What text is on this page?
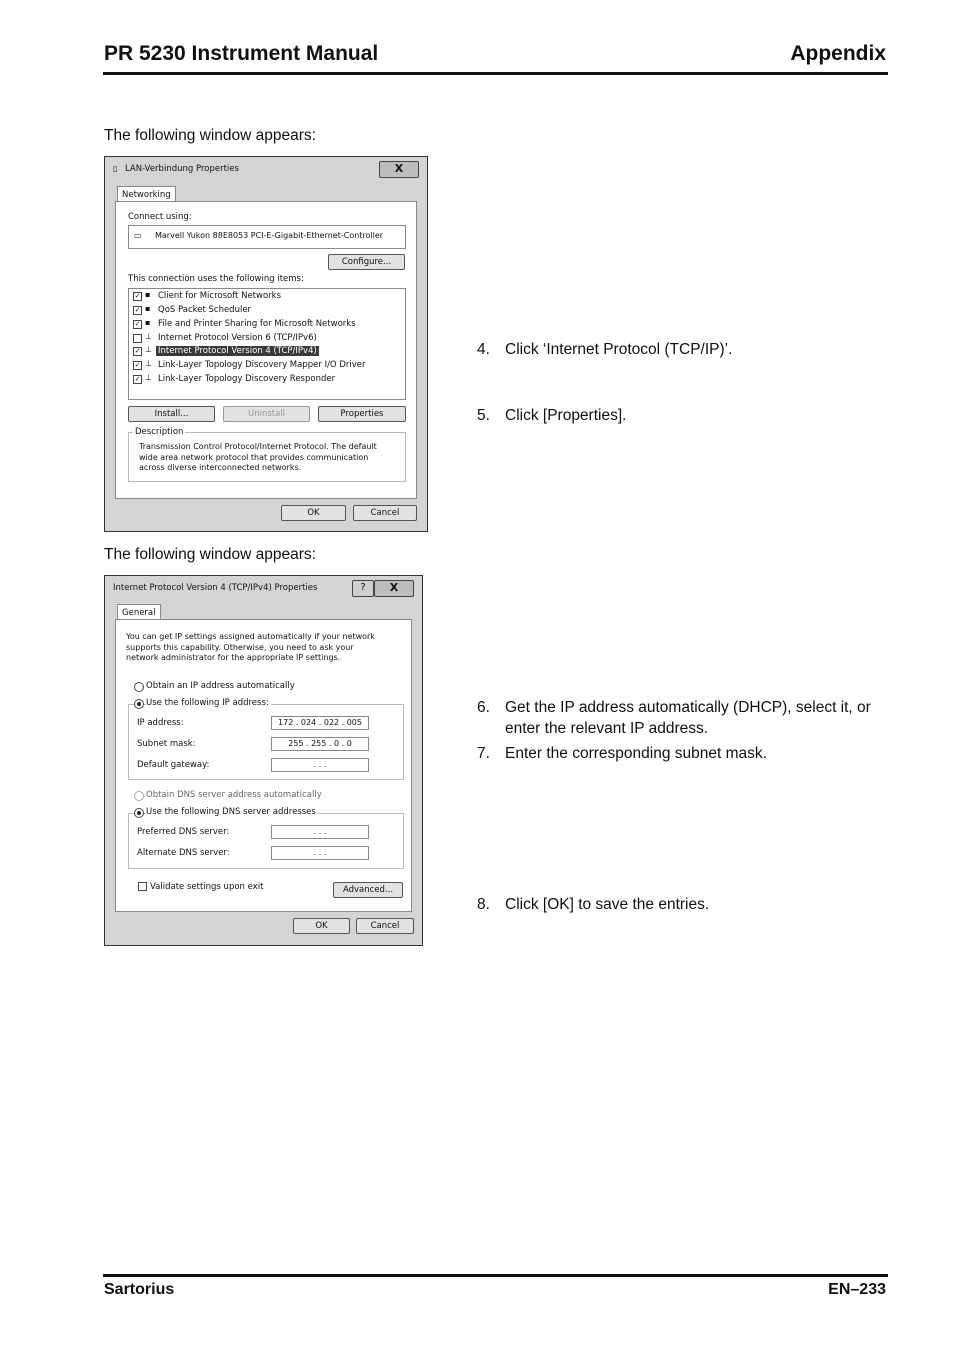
PR 5230 Instrument Manual	Appendix
The following window appears:
▯ LAN-Verbindung Properties	X
Networking
Connect using:
▭ Marvell Yukon 88E8053 PCI-E-Gigabit-Ethernet-Controller
Configure...
This connection uses the following items:
✓ ▪ Client for Microsoft Networks
✓ ▪ QoS Packet Scheduler
✓ ▪ File and Printer Sharing for Microsoft Networks
⊥ Internet Protocol Version 6 (TCP/IPv6)
✓ ⊥ Internet Protocol Version 4 (TCP/IPv4)
✓ ⊥ Link-Layer Topology Discovery Mapper I/O Driver
✓ ⊥ Link-Layer Topology Discovery Responder
Install...	Uninstall	Properties
Description
Transmission Control Protocol/Internet Protocol. The default wide area network protocol that provides communication across diverse interconnected networks.
OK	Cancel
The following window appears:
Internet Protocol Version 4 (TCP/IPv4) Properties	?	X
General
You can get IP settings assigned automatically if your network supports this capability. Otherwise, you need to ask your network administrator for the appropriate IP settings.
Obtain an IP address automatically
Use the following IP address:
IP address:	172 . 024 . 022 . 005
Subnet mask:	255 . 255 . 0 . 0
Default gateway:	. . .
Obtain DNS server address automatically
Use the following DNS server addresses
Preferred DNS server:	. . .
Alternate DNS server:	. . .
Validate settings upon exit	Advanced...
OK	Cancel
4. Click ‘Internet Protocol (TCP/IP)’.
5. Click [Properties].
6. Get the IP address automatically (DHCP), select it, or enter the relevant IP address.
7. Enter the corresponding subnet mask.
8. Click [OK] to save the entries.
Sartorius	EN–233
